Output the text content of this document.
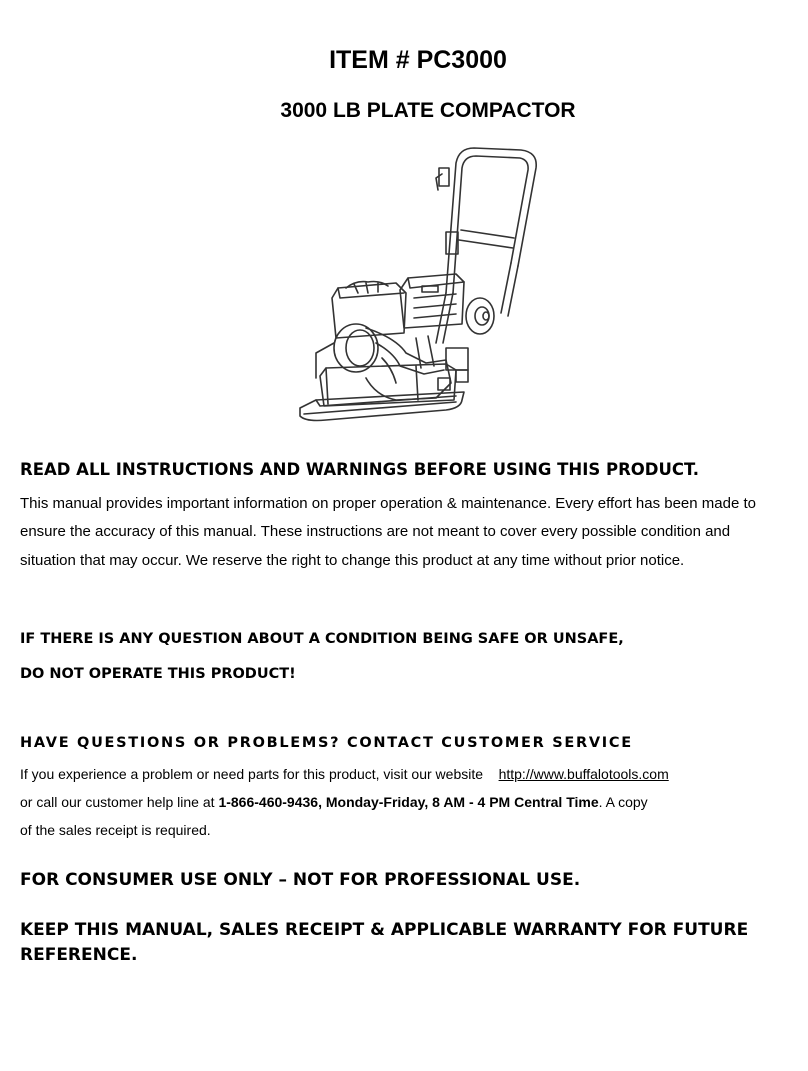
ITEM # PC3000
3000 LB PLATE COMPACTOR
READ ALL INSTRUCTIONS AND WARNINGS BEFORE USING THIS PRODUCT.

This manual provides important information on proper operation & maintenance. Every effort has been made to ensure the accuracy of this manual. These instructions are not meant to cover every possible condition and situation that may occur. We reserve the right to change this product at any time without prior notice.

IF THERE IS ANY QUESTION ABOUT A CONDITION BEING SAFE OR UNSAFE,
DO NOT OPERATE THIS PRODUCT!
HAVE QUESTIONS OR PROBLEMS? CONTACT CUSTOMER SERVICE
If you experience a problem or need parts for this product, visit our website http://www.buffalotools.com
or call our customer help line at 1-866-460-9436, Monday-Friday, 8 AM - 4 PM Central Time. A copy
of the sales receipt is required.
FOR CONSUMER USE ONLY – NOT FOR PROFESSIONAL USE.
KEEP THIS MANUAL, SALES RECEIPT & APPLICABLE WARRANTY FOR FUTURE REFERENCE.
